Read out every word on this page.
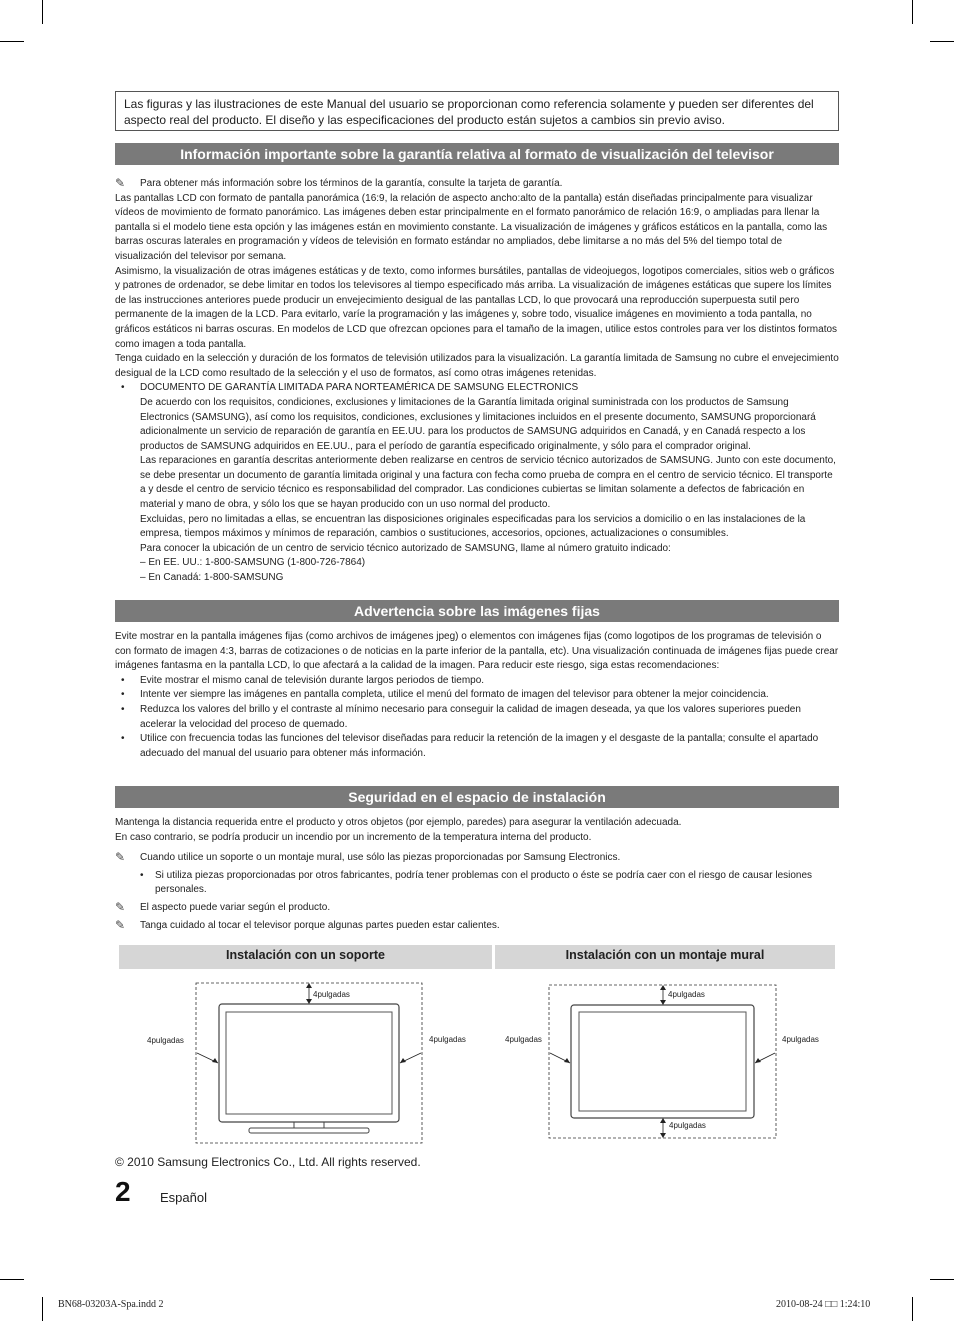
Las figuras y las ilustraciones de este Manual del usuario se proporcionan como referencia solamente y pueden ser diferentes del aspecto real del producto. El diseño y las especificaciones del producto están sujetos a cambios sin previo aviso.
Información importante sobre la garantía relativa al formato de visualización del televisor

✎ Para obtener más información sobre los términos de la garantía, consulte la tarjeta de garantía.

Las pantallas LCD con formato de pantalla panorámica (16:9, la relación de aspecto ancho:alto de la pantalla) están diseñadas principalmente para visualizar vídeos de movimiento de formato panorámico. Las imágenes deben estar principalmente en el formato panorámico de relación 16:9, o ampliadas para llenar la pantalla si el modelo tiene esta opción y las imágenes están en movimiento constante. La visualización de imágenes y gráficos estáticos en la pantalla, como las barras oscuras laterales en programación y vídeos de televisión en formato estándar no ampliados, debe limitarse a no más del 5% del tiempo total de visualización del televisor por semana.

Asimismo, la visualización de otras imágenes estáticas y de texto, como informes bursátiles, pantallas de videojuegos, logotipos comerciales, sitios web o gráficos y patrones de ordenador, se debe limitar en todos los televisores al tiempo especificado más arriba. La visualización de imágenes estáticas que supere los límites de las instrucciones anteriores puede producir un envejecimiento desigual de las pantallas LCD, lo que provocará una reproducción superpuesta sutil pero permanente de la imagen de la LCD. Para evitarlo, varíe la programación y las imágenes y, sobre todo, visualice imágenes en movimiento a toda pantalla, no gráficos estáticos ni barras oscuras. En modelos de LCD que ofrezcan opciones para el tamaño de la imagen, utilice estos controles para ver los distintos formatos como imagen a toda pantalla.

Tenga cuidado en la selección y duración de los formatos de televisión utilizados para la visualización. La garantía limitada de Samsung no cubre el envejecimiento desigual de la LCD como resultado de la selección y el uso de formatos, así como otras imágenes retenidas.

• DOCUMENTO DE GARANTÍA LIMITADA PARA NORTEAMÉRICA DE SAMSUNG ELECTRONICS

De acuerdo con los requisitos, condiciones, exclusiones y limitaciones de la Garantía limitada original suministrada con los productos de Samsung Electronics (SAMSUNG), así como los requisitos, condiciones, exclusiones y limitaciones incluidos en el presente documento, SAMSUNG proporcionará adicionalmente un servicio de reparación de garantía en EE.UU. para los productos de SAMSUNG adquiridos en Canadá, y en Canadá respecto a los productos de SAMSUNG adquiridos en EE.UU., para el período de garantía especificado originalmente, y sólo para el comprador original.

Las reparaciones en garantía descritas anteriormente deben realizarse en centros de servicio técnico autorizados de SAMSUNG. Junto con este documento, se debe presentar un documento de garantía limitada original y una factura con fecha como prueba de compra en el centro de servicio técnico. El transporte a y desde el centro de servicio técnico es responsabilidad del comprador. Las condiciones cubiertas se limitan solamente a defectos de fabricación en material y mano de obra, y sólo los que se hayan producido con un uso normal del producto.

Excluidas, pero no limitadas a ellas, se encuentran las disposiciones originales especificadas para los servicios a domicilio o en las instalaciones de la empresa, tiempos máximos y mínimos de reparación, cambios o sustituciones, accesorios, opciones, actualizaciones o consumibles.

Para conocer la ubicación de un centro de servicio técnico autorizado de SAMSUNG, llame al número gratuito indicado:

– En EE. UU.: 1-800-SAMSUNG (1-800-726-7864)

– En Canadá: 1-800-SAMSUNG

Advertencia sobre las imágenes fijas

Evite mostrar en la pantalla imágenes fijas (como archivos de imágenes jpeg) o elementos con imágenes fijas (como logotipos de los programas de televisión o con formato de imagen 4:3, barras de cotizaciones o de noticias en la parte inferior de la pantalla, etc). Una visualización continuada de imágenes fijas puede crear imágenes fantasma en la pantalla LCD, lo que afectará a la calidad de la imagen. Para reducir este riesgo, siga estas recomendaciones:

• Evite mostrar el mismo canal de televisión durante largos periodos de tiempo.

• Intente ver siempre las imágenes en pantalla completa, utilice el menú del formato de imagen del televisor para obtener la mejor coincidencia.

• Reduzca los valores del brillo y el contraste al mínimo necesario para conseguir la calidad de imagen deseada, ya que los valores superiores pueden acelerar la velocidad del proceso de quemado.

• Utilice con frecuencia todas las funciones del televisor diseñadas para reducir la retención de la imagen y el desgaste de la pantalla; consulte el apartado adecuado del manual del usuario para obtener más información.

Seguridad en el espacio de instalación

Mantenga la distancia requerida entre el producto y otros objetos (por ejemplo, paredes) para asegurar la ventilación adecuada.

En caso contrario, se podría producir un incendio por un incremento de la temperatura interna del producto.

✎ Cuando utilice un soporte o un montaje mural, use sólo las piezas proporcionadas por Samsung Electronics.

• Si utiliza piezas proporcionadas por otros fabricantes, podría tener problemas con el producto o éste se podría caer con el riesgo de causar lesiones personales.

✎ El aspecto puede variar según el producto.

✎ Tanga cuidado al tocar el televisor porque algunas partes pueden estar calientes.

Instalación con un soporte	Instalación con un montaje mural
4pulgadas
4pulgadas	4pulgadas
4pulgadas
4pulgadas	4pulgadas
4pulgadas
© 2010 Samsung Electronics Co., Ltd. All rights reserved.
2 Español
BN68-03203A-Spa.indd 2	2010-08-24 □□ 1:24:10
